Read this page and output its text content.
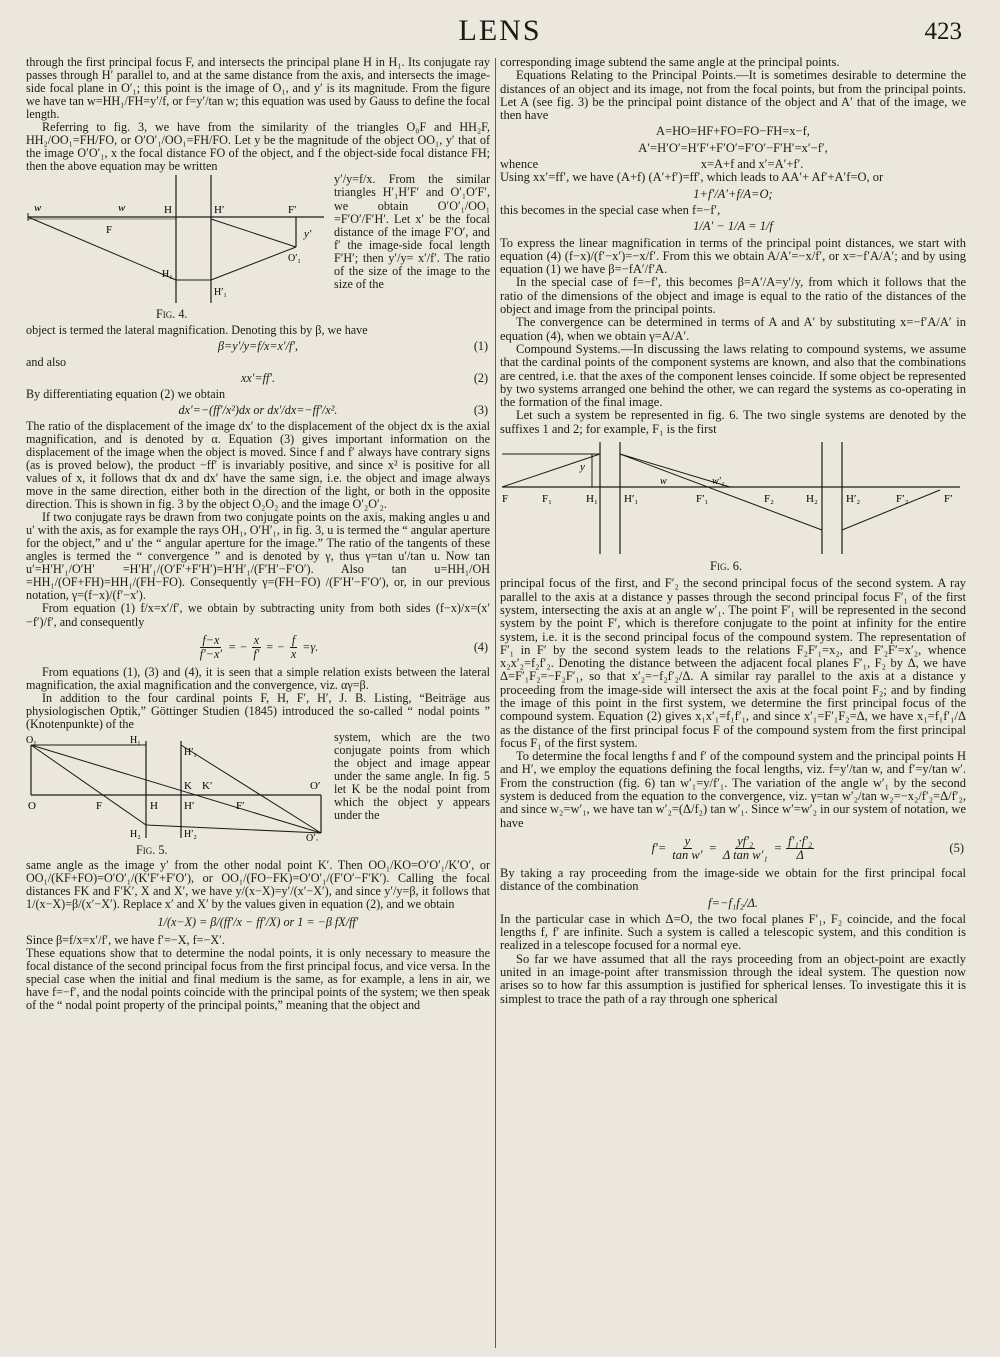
LENS	423

through the first principal focus F, and intersects the principal plane H in H₁. Its conjugate ray passes through H′ parallel to, and at the same distance from the axis, and intersects the image-side focal plane in O′₁; this point is the image of O₁, and y′ is its magnitude. From the figure we have tan w=HH₁/FH=y′/f, or f=y′/tan w; this equation was used by Gauss to define the focal length.

Referring to fig. 3, we have from the similarity of the triangles O₀F and HH₂F, HH₂/OO₁=FH/FO, or O′O′₁/OO₁=FH/FO. Let y be the magnitude of the object OO₁, y′ that of the image O′O′₁, x the focal distance FO of the object, and f the object-side focal distance FH; then the above equation may be written

w	w
F
H	H′	F′
y′
H₁
H′₁
O′₁
Fig. 4.

y′/y=f/x. From the similar triangles H′₁H′F′ and O′₁O′F′, we obtain O′O′₁/OO₁ =F′O′/F′H′. Let x′ be the focal distance of the image F′O′, and f′ the image-side focal length F′H′; then y′/y= x′/f′. The ratio of the size of the image to the size of the

object is termed the lateral magnification. Denoting this by β, we have

β=y′/y=f/x=x′/f′,	(1)

and also

xx′=ff′.	(2)

By differentiating equation (2) we obtain

dx′=−(ff′/x²)dx or dx′/dx=−ff′/x².	(3)

The ratio of the displacement of the image dx′ to the displacement of the object dx is the axial magnification, and is denoted by α. Equation (3) gives important information on the displacement of the image when the object is moved. Since f and f′ always have contrary signs (as is proved below), the product −ff′ is invariably positive, and since x² is positive for all values of x, it follows that dx and dx′ have the same sign, i.e. the object and image always move in the same direction, either both in the direction of the light, or both in the opposite direction. This is shown in fig. 3 by the object O₂O₂ and the image O′₂O′₂.

If two conjugate rays be drawn from two conjugate points on the axis, making angles u and u′ with the axis, as for example the rays OH₁, O′H′₁, in fig. 3, u is termed the “ angular aperture for the object,” and u′ the “ angular aperture for the image.” The ratio of the tangents of these angles is termed the “ convergence ” and is denoted by γ, thus γ=tan u′/tan u. Now tan u′=H′H′₁/O′H′ =H′H′₁/(O′F′+F′H′)=H′H′₁/(F′H′−F′O′). Also tan u=HH₁/OH =HH₁/(OF+FH)=HH₁/(FH−FO). Consequently γ=(FH−FO) /(F′H′−F′O′), or, in our previous notation, γ=(f−x)/(f′−x′).

From equation (1) f/x=x′/f′, we obtain by subtracting unity from both sides (f−x)/x=(x′−f′)/f′, and consequently

$\frac{f-x}{f'-x'}$ = − $\frac{x}{f'}$ = − $\frac{f}{x} =\gamma$.	(4)

From equations (1), (3) and (4), it is seen that a simple relation exists between the lateral magnification, the axial magnification and the convergence, viz. αγ=β.

In addition to the four cardinal points F, H, F′, H′, J. B. Listing, “Beiträge aus physiologischen Optik,” Göttinger Studien (1845) introduced the so-called “ nodal points ” (Knotenpunkte) of the

O₁	H₁
H′₁
K K′	O′
O	F	H H′	F′
H₂	H′₂	O′₁
Fig. 5.

system, which are the two conjugate points from which the object and image appear under the same angle. In fig. 5 let K be the nodal point from which the object y appears under the

same angle as the image y′ from the other nodal point K′. Then OO₁/KO=O′O′₁/K′O′, or OO₁/(KF+FO)=O′O′₁/(K′F′+F′O′), or OO₁/(FO−FK)=O′O′₁/(F′O′−F′K′). Calling the focal distances FK and F′K′, X and X′, we have y/(x−X)=y′/(x′−X′), and since y′/y=β, it follows that 1/(x−X)=β/(x′−X′). Replace x′ and X′ by the values given in equation (2), and we obtain

1/(x−X) = β/(ff′/x − ff′/X) or 1 = −β fX/ff′

Since β=f/x=x′/f′, we have f′=−X, f=−X′.

These equations show that to determine the nodal points, it is only necessary to measure the focal distance of the second principal focus from the first principal focus, and vice versa. In the special case when the initial and final medium is the same, as for example, a lens in air, we have f=−f′, and the nodal points coincide with the principal points of the system; we then speak of the “ nodal point property of the principal points,” meaning that the object and

corresponding image subtend the same angle at the principal points.

Equations Relating to the Principal Points.—It is sometimes desirable to determine the distances of an object and its image, not from the focal points, but from the principal points. Let A (see fig. 3) be the principal point distance of the object and A′ that of the image, we then have

A=HO=HF+FO=FO−FH=x−f,
A′=H′O′=H′F′+F′O′=F′O′−F′H′=x′−f′,
whence	x=A+f and x′=A′+f′.

Using xx′=ff′, we have (A+f) (A′+f′)=ff′, which leads to AA′+ Af′+A′f=O, or

1+f′/A′+f/A=O;

this becomes in the special case when f=−f′,

1/A′ − 1/A = 1/f

To express the linear magnification in terms of the principal point distances, we start with equation (4) (f−x)/(f′−x′)=−x/f′. From this we obtain A/A′=−x/f′, or x=−f′A/A′; and by using equation (1) we have β=−fA′/f′A.

In the special case of f=−f′, this becomes β=A′/A=y′/y, from which it follows that the ratio of the dimensions of the object and image is equal to the ratio of the distances of the object and image from the principal points.

The convergence can be determined in terms of A and A′ by substituting x=−f′A/A′ in equation (4), when we obtain γ=A/A′.

Compound Systems.—In discussing the laws relating to compound systems, we assume that the cardinal points of the component systems are known, and also that the combinations are centred, i.e. that the axes of the component lenses coincide. If some object be represented by two systems arranged one behind the other, we can regard the systems as co-operating in the formation of the final image.

Let such a system be represented in fig. 6. The two single systems are denoted by the suffixes 1 and 2; for example, F₁ is the first

y
w	w′₁
F	F₁	H₁ H′₁	F′₁	F₂	H₂	H′₂	F′₂	F′
Fig. 6.

principal focus of the first, and F′₂ the second principal focus of the second system. A ray parallel to the axis at a distance y passes through the second principal focus F′₁ of the first system, intersecting the axis at an angle w′₁. The point F′₁ will be represented in the second system by the point F′, which is therefore conjugate to the point at infinity for the entire system, i.e. it is the second principal focus of the compound system. The representation of F′₁ in F′ by the second system leads to the relations F₂F′₁=x₂, and F′₂F′=x′₂, whence x₂x′₂=f₂f′₂. Denoting the distance between the adjacent focal planes F′₁, F₂ by Δ, we have Δ=F′₁F₂=−F₂F′₁, so that x′₂=−f₂f′₂/Δ. A similar ray parallel to the axis at a distance y proceeding from the image-side will intersect the axis at the focal point F₂; and by finding the image of this point in the first system, we determine the first principal focus of the compound system. Equation (2) gives x₁x′₁=f₁f′₁, and since x′₁=F′₁F₂=Δ, we have x₁=f₁f′₁/Δ as the distance of the first principal focus F of the compound system from the first principal focus F₁ of the first system.

To determine the focal lengths f and f′ of the compound system and the principal points H and H′, we employ the equations defining the focal lengths, viz. f=y′/tan w, and f′=y/tan w′. From the construction (fig. 6) tan w′₁=y/f′₁. The variation of the angle w′₁ by the second system is deduced from the equation to the convergence, viz. γ=tan w′₂/tan w₂=−x₂/f′₂=Δ/f′₂, and since w₂=w′₁, we have tan w′₂=(Δ/f₂) tan w′₁. Since w′=w′₂ in our system of notation, we have

$f'= \frac{y}{\text{tan w′}} = \frac{\text{yf′₂}}{\text{Δ tan w′₁}} = \frac{\text{f′₁·f′₂}}{\Delta}$	(5)

By taking a ray proceeding from the image-side we obtain for the first principal focal distance of the combination

f=−f₁f₂/Δ.

In the particular case in which Δ=O, the two focal planes F′₁, F₂ coincide, and the focal lengths f, f′ are infinite. Such a system is called a telescopic system, and this condition is realized in a telescope focused for a normal eye.

So far we have assumed that all the rays proceeding from an object-point are exactly united in an image-point after transmission through the ideal system. The question now arises so to how far this assumption is justified for spherical lenses. To investigate this it is simplest to trace the path of a ray through one spherical
